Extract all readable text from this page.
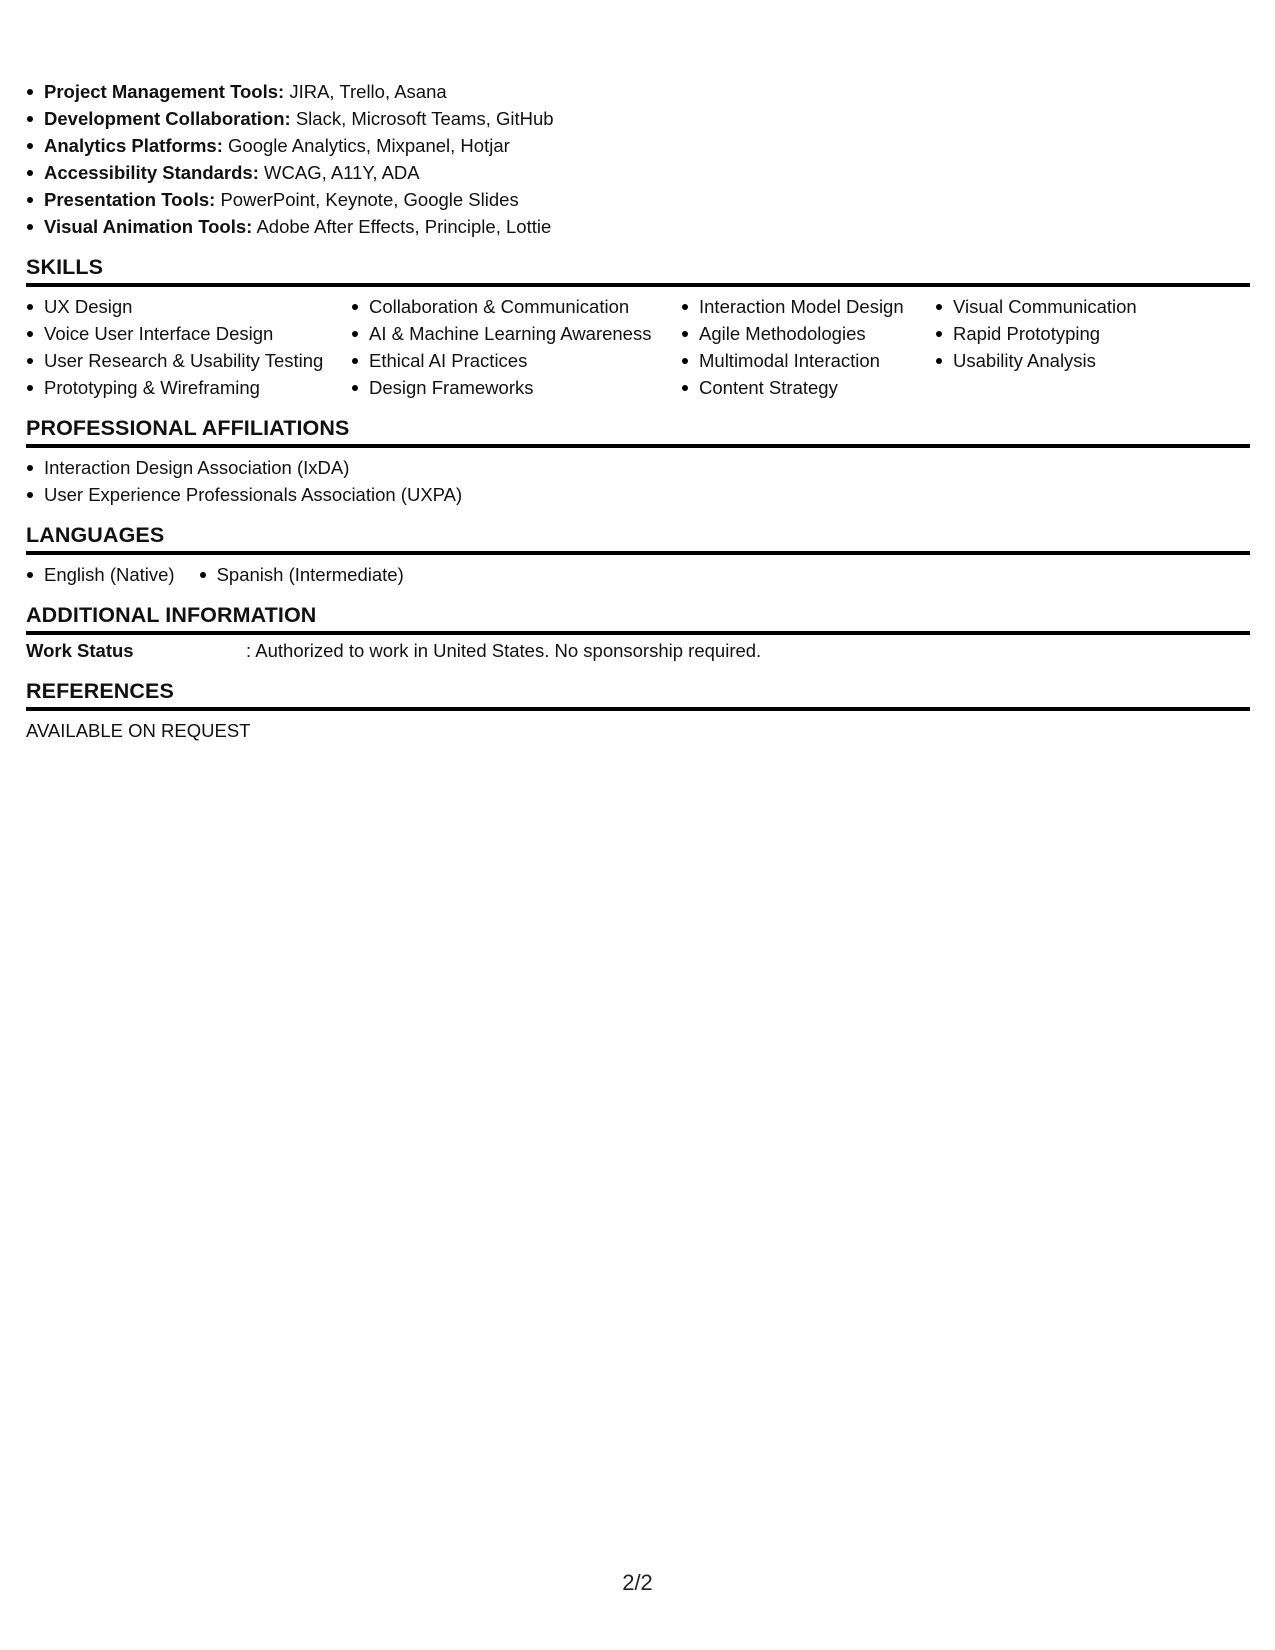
Project Management Tools: JIRA, Trello, Asana
Development Collaboration: Slack, Microsoft Teams, GitHub
Analytics Platforms: Google Analytics, Mixpanel, Hotjar
Accessibility Standards: WCAG, A11Y, ADA
Presentation Tools: PowerPoint, Keynote, Google Slides
Visual Animation Tools: Adobe After Effects, Principle, Lottie
SKILLS
UX Design
Voice User Interface Design
User Research & Usability Testing
Prototyping & Wireframing
Collaboration & Communication
AI & Machine Learning Awareness
Ethical AI Practices
Design Frameworks
Interaction Model Design
Agile Methodologies
Multimodal Interaction
Content Strategy
Visual Communication
Rapid Prototyping
Usability Analysis
PROFESSIONAL AFFILIATIONS
Interaction Design Association (IxDA)
User Experience Professionals Association (UXPA)
LANGUAGES
English (Native)	Spanish (Intermediate)
ADDITIONAL INFORMATION
Work Status	: Authorized to work in United States. No sponsorship required.
REFERENCES
AVAILABLE ON REQUEST
2/2
